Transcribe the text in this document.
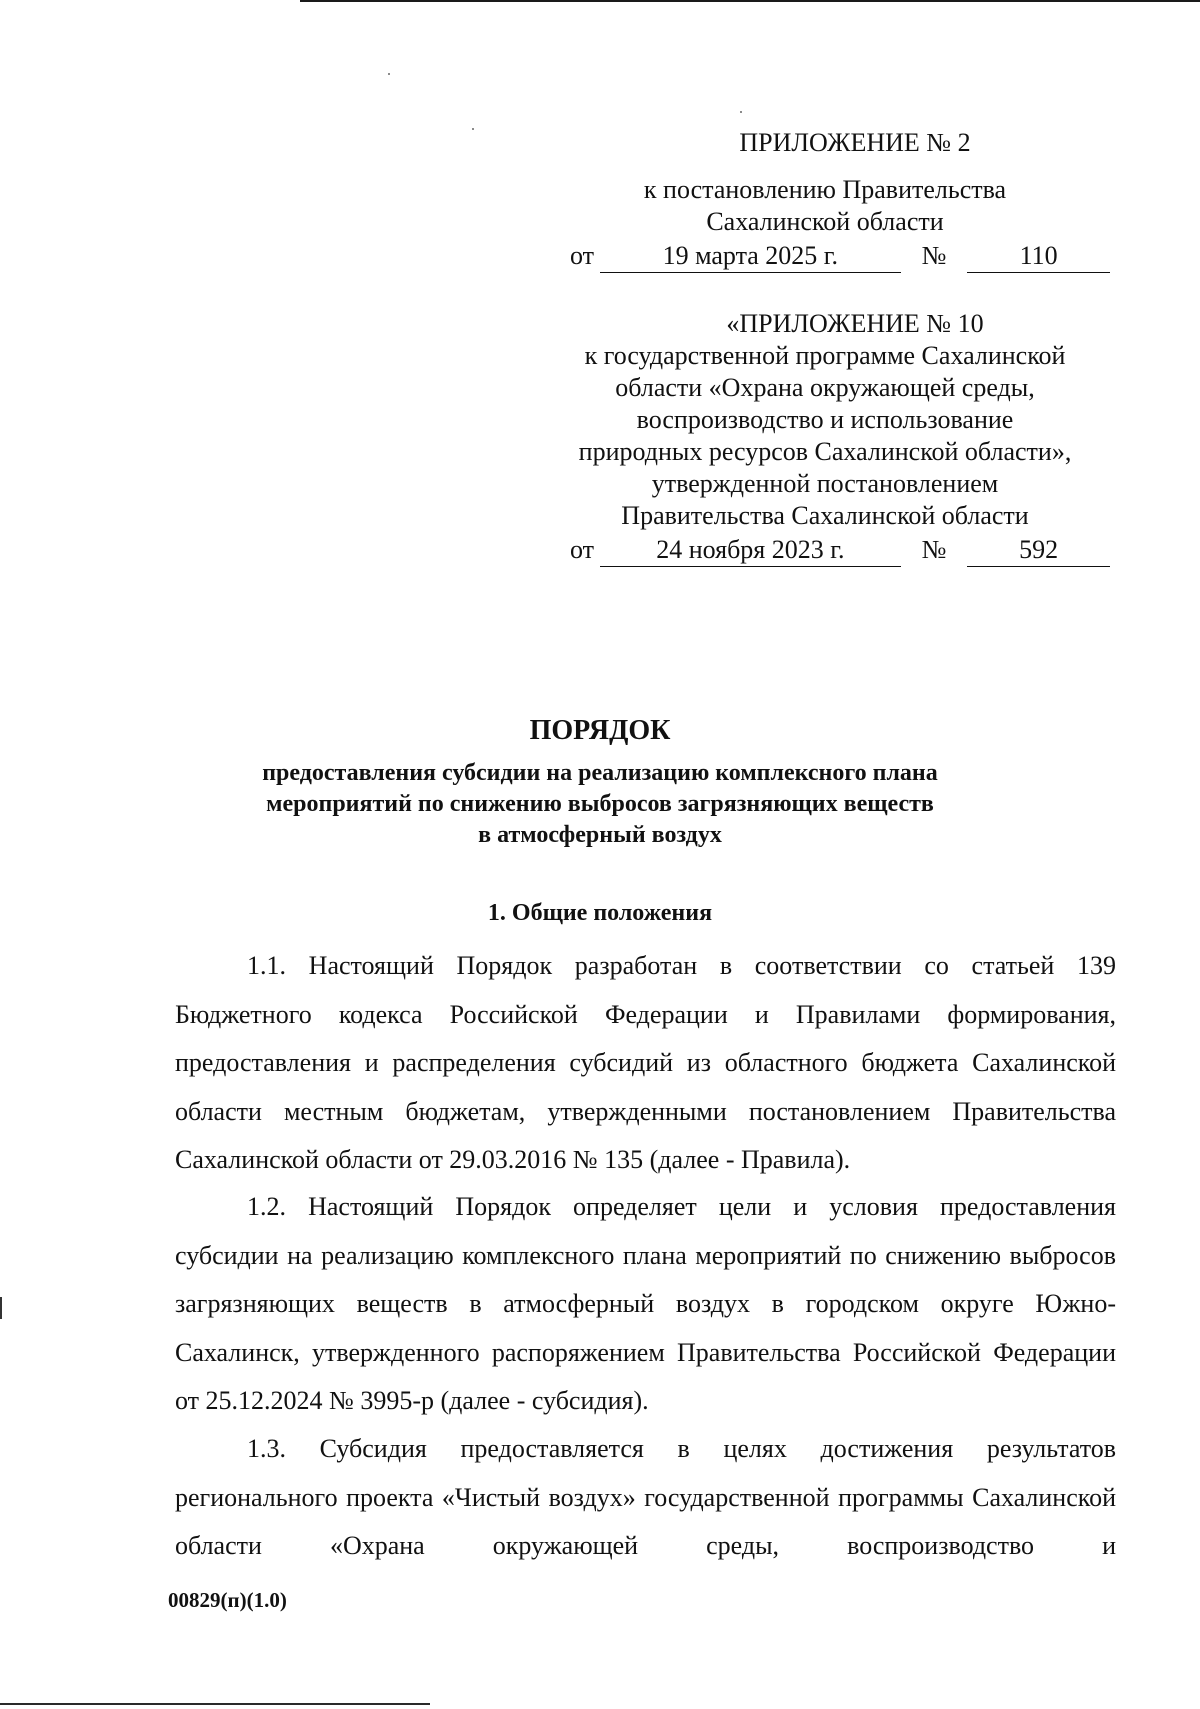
ПРИЛОЖЕНИЕ № 2
к постановлению Правительства
Сахалинской области
от	19 марта 2025 г.	№	110
«ПРИЛОЖЕНИЕ № 10
к государственной программе Сахалинской
области «Охрана окружающей среды,
воспроизводство и использование
природных ресурсов Сахалинской области»,
утвержденной постановлением
Правительства Сахалинской области
от	24 ноября 2023 г.	№	592
ПОРЯДОК
предоставления субсидии на реализацию комплексного плана
мероприятий по снижению выбросов загрязняющих веществ
в атмосферный воздух
1. Общие положения

1.1. Настоящий Порядок разработан в соответствии со статьей 139 Бюджетного кодекса Российской Федерации и Правилами формирования, предоставления и распределения субсидий из областного бюджета Сахалинской области местным бюджетам, утвержденными постановлением Правительства Сахалинской области от 29.03.2016 № 135 (далее - Правила).

1.2. Настоящий Порядок определяет цели и условия предоставления субсидии на реализацию комплексного плана мероприятий по снижению выбросов загрязняющих веществ в атмосферный воздух в городском округе Южно-Сахалинск, утвержденного распоряжением Правительства Российской Федерации от 25.12.2024 № 3995-р (далее - субсидия).

1.3. Субсидия предоставляется в целях достижения результатов регионального проекта «Чистый воздух» государственной программы Сахалинской области «Охрана окружающей среды, воспроизводство и

00829(п)(1.0)
